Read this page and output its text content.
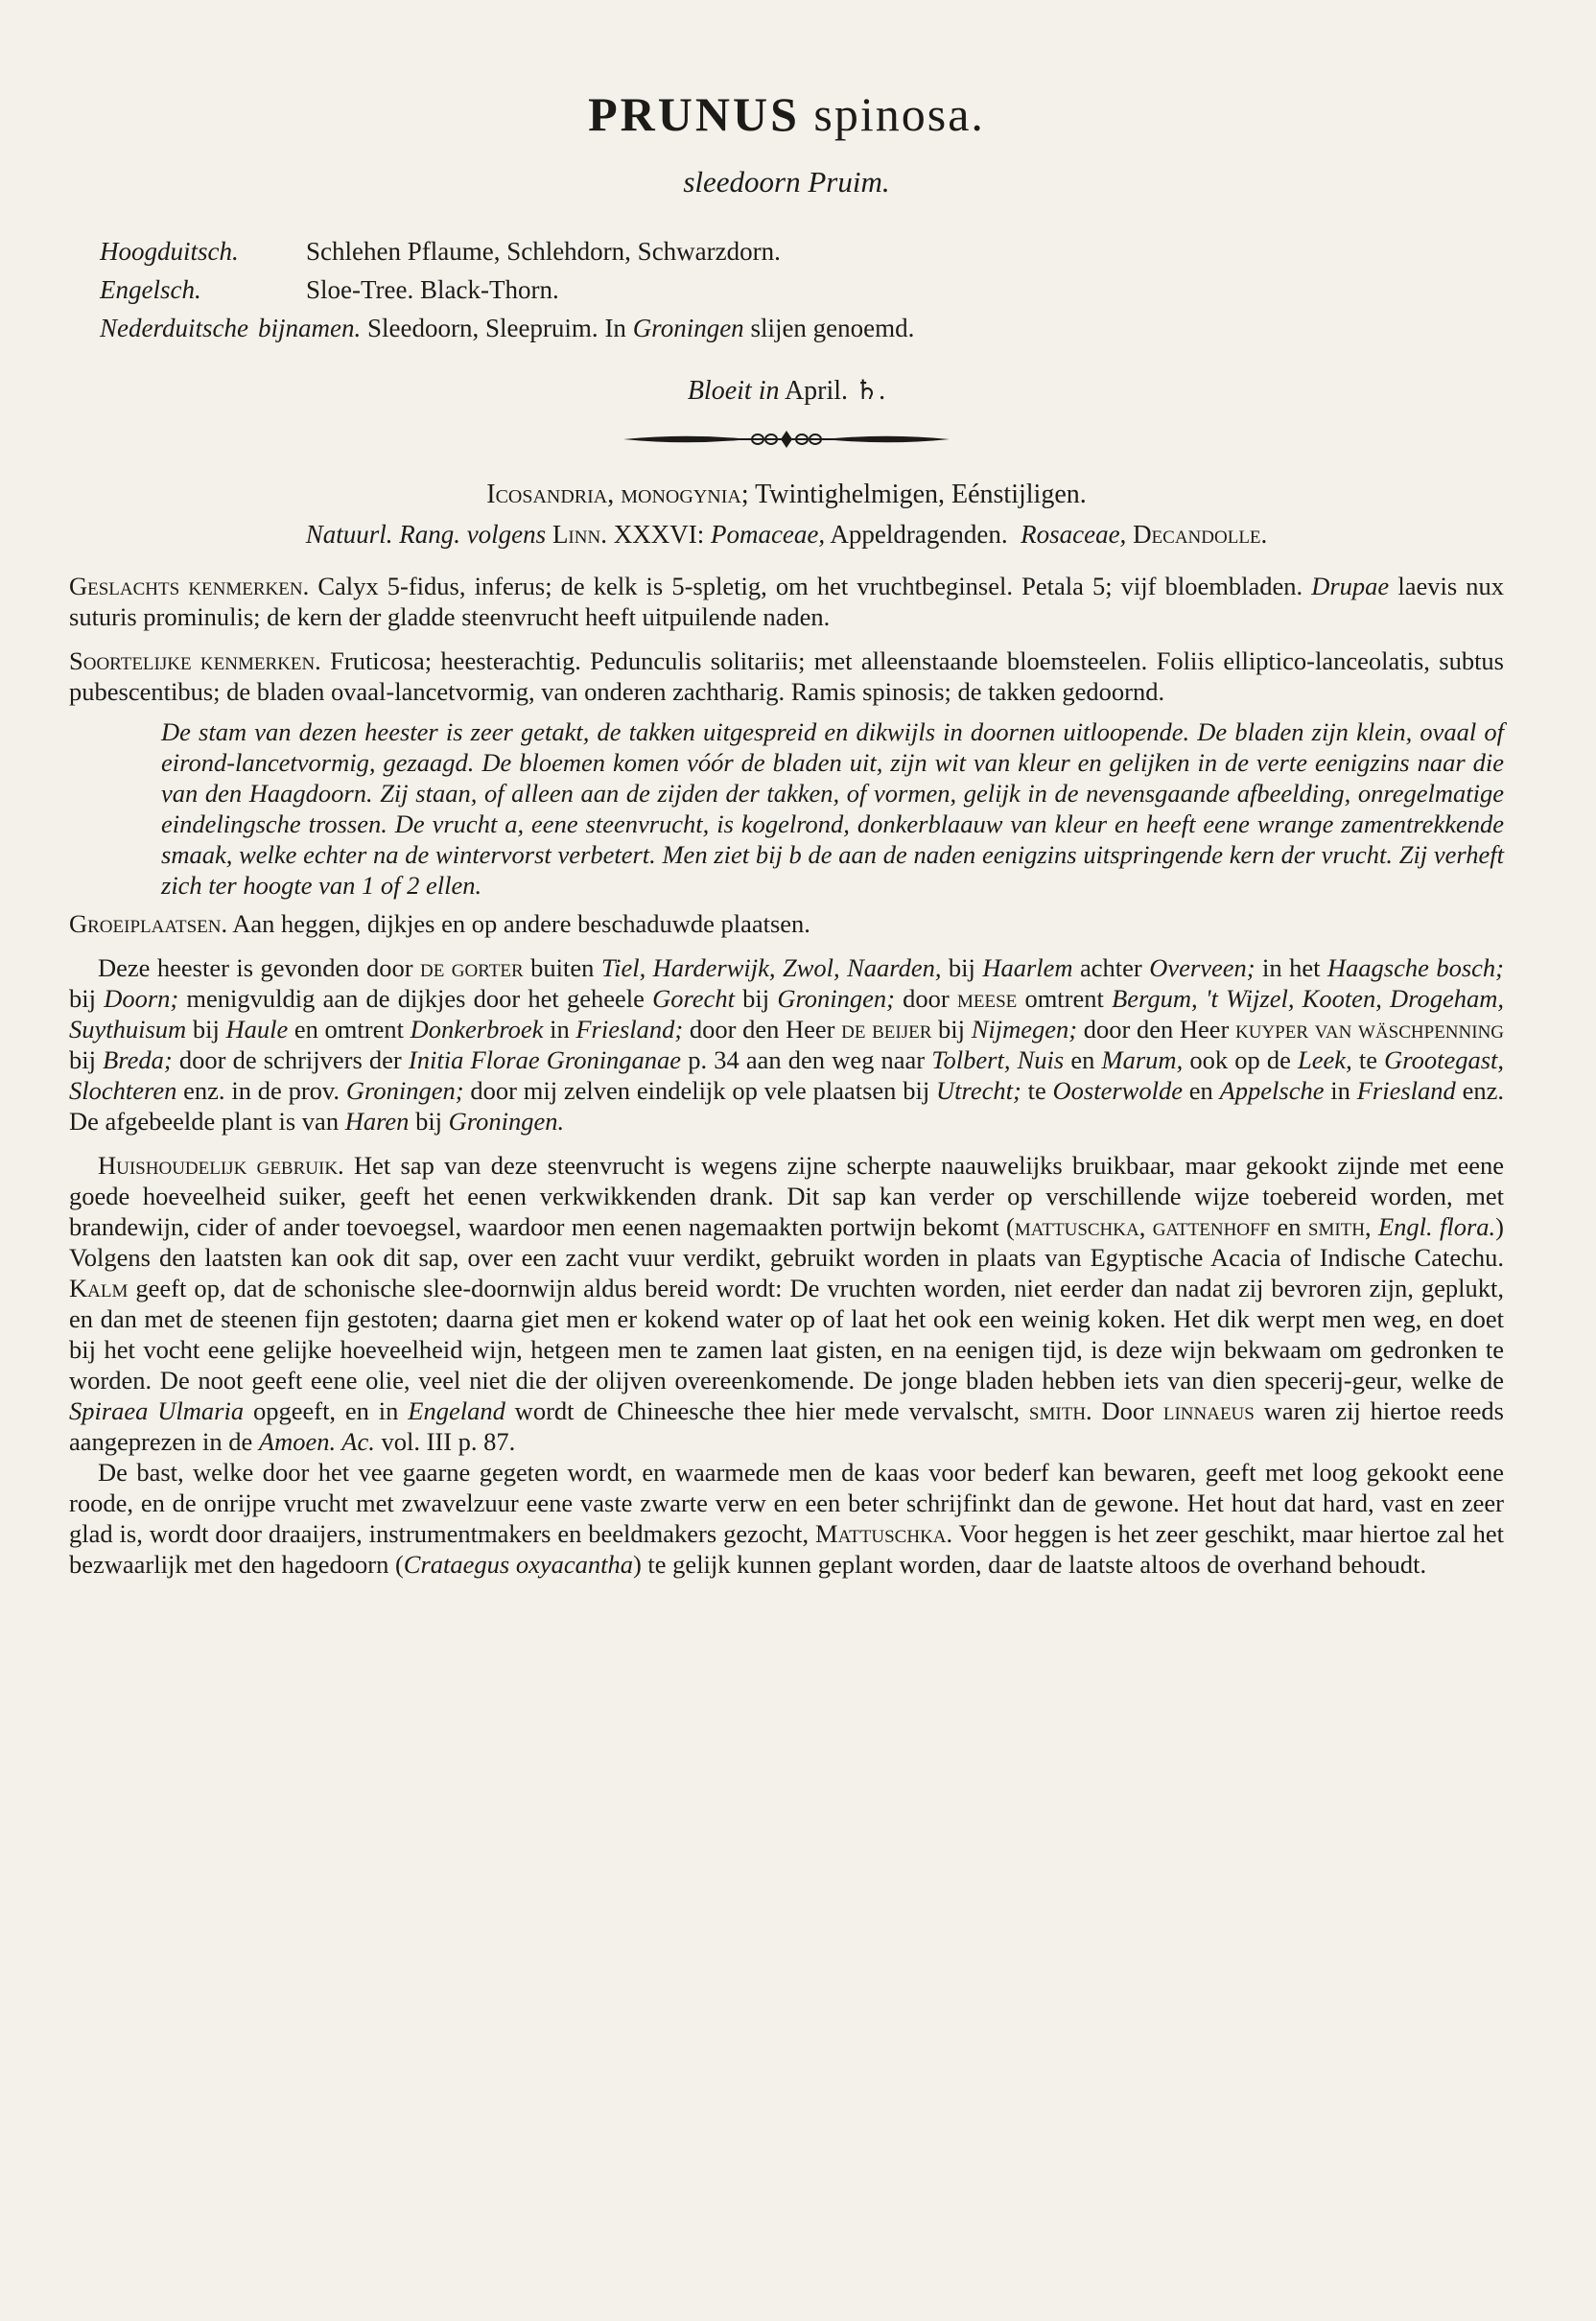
PRUNUS spinosa.
sleedoorn Pruim.
Hoogduitsch.	Schlehen Pflaume, Schlehdorn, Schwarzdorn.
Engelsch.	Sloe-Tree. Black-Thorn.
Nederduitsche bijnamen. Sleedoorn, Sleepruim. In Groningen slijen genoemd.
Bloeit in April. ♄.
Icosandria, monogynia; Twintighelmigen, Eénstijligen.
Natuurl. Rang. volgens Linn. XXXVI: Pomaceae, Appeldragenden. Rosaceae, Decandolle.

Geslachts kenmerken. Calyx 5-fidus, inferus; de kelk is 5-spletig, om het vruchtbeginsel. Petala 5; vijf bloembladen. Drupae laevis nux suturis prominulis; de kern der gladde steenvrucht heeft uitpuilende naden.

Soortelijke kenmerken. Fruticosa; heesterachtig. Pedunculis solitariis; met alleenstaande bloemsteelen. Foliis elliptico-lanceolatis, subtus pubescentibus; de bladen ovaal-lancetvormig, van onderen zachtharig. Ramis spinosis; de takken gedoornd.

De stam van dezen heester is zeer getakt, de takken uitgespreid en dikwijls in doornen uitloopende. De bladen zijn klein, ovaal of eirond-lancetvormig, gezaagd. De bloemen komen vóór de bladen uit, zijn wit van kleur en gelijken in de verte eenigzins naar die van den Haagdoorn. Zij staan, of alleen aan de zijden der takken, of vormen, gelijk in de nevensgaande afbeelding, onregelmatige eindelingsche trossen. De vrucht a, eene steenvrucht, is kogelrond, donkerblaauw van kleur en heeft eene wrange zamentrekkende smaak, welke echter na de wintervorst verbetert. Men ziet bij b de aan de naden eenigzins uitspringende kern der vrucht. Zij verheft zich ter hoogte van 1 of 2 ellen.

Groeiplaatsen. Aan heggen, dijkjes en op andere beschaduwde plaatsen.

Deze heester is gevonden door de gorter buiten Tiel, Harderwijk, Zwol, Naarden, bij Haarlem achter Overveen; in het Haagsche bosch; bij Doorn; menigvuldig aan de dijkjes door het geheele Gorecht bij Groningen; door meese omtrent Bergum, 't Wijzel, Kooten, Drogeham, Suythuisum bij Haule en omtrent Donkerbroek in Friesland; door den Heer de beijer bij Nijmegen; door den Heer kuyper van wäschpenning bij Breda; door de schrijvers der Initia Florae Groninganae p. 34 aan den weg naar Tolbert, Nuis en Marum, ook op de Leek, te Grootegast, Slochteren enz. in de prov. Groningen; door mij zelven eindelijk op vele plaatsen bij Utrecht; te Oosterwolde en Appelsche in Friesland enz. De afgebeelde plant is van Haren bij Groningen.

Huishoudelijk gebruik. Het sap van deze steenvrucht is wegens zijne scherpte naauwelijks bruikbaar, maar gekookt zijnde met eene goede hoeveelheid suiker, geeft het eenen verkwikkenden drank. Dit sap kan verder op verschillende wijze toebereid worden, met brandewijn, cider of ander toevoegsel, waardoor men eenen nagemaakten portwijn bekomt (mattuschka, gattenhoff en smith, Engl. flora.) Volgens den laatsten kan ook dit sap, over een zacht vuur verdikt, gebruikt worden in plaats van Egyptische Acacia of Indische Catechu. Kalm geeft op, dat de schonische slee-doornwijn aldus bereid wordt: De vruchten worden, niet eerder dan nadat zij bevroren zijn, geplukt, en dan met de steenen fijn gestoten; daarna giet men er kokend water op of laat het ook een weinig koken. Het dik werpt men weg, en doet bij het vocht eene gelijke hoeveelheid wijn, hetgeen men te zamen laat gisten, en na eenigen tijd, is deze wijn bekwaam om gedronken te worden. De noot geeft eene olie, veel niet die der olijven overeenkomende. De jonge bladen hebben iets van dien specerij-geur, welke de Spiraea Ulmaria opgeeft, en in Engeland wordt de Chineesche thee hier mede vervalscht, smith. Door linnaeus waren zij hiertoe reeds aangeprezen in de Amoen. Ac. vol. III p. 87.

De bast, welke door het vee gaarne gegeten wordt, en waarmede men de kaas voor bederf kan bewaren, geeft met loog gekookt eene roode, en de onrijpe vrucht met zwavelzuur eene vaste zwarte verw en een beter schrijfinkt dan de gewone. Het hout dat hard, vast en zeer glad is, wordt door draaijers, instrumentmakers en beeldmakers gezocht, Mattuschka. Voor heggen is het zeer geschikt, maar hiertoe zal het bezwaarlijk met den hagedoorn (Crataegus oxyacantha) te gelijk kunnen geplant worden, daar de laatste altoos de overhand behoudt.
